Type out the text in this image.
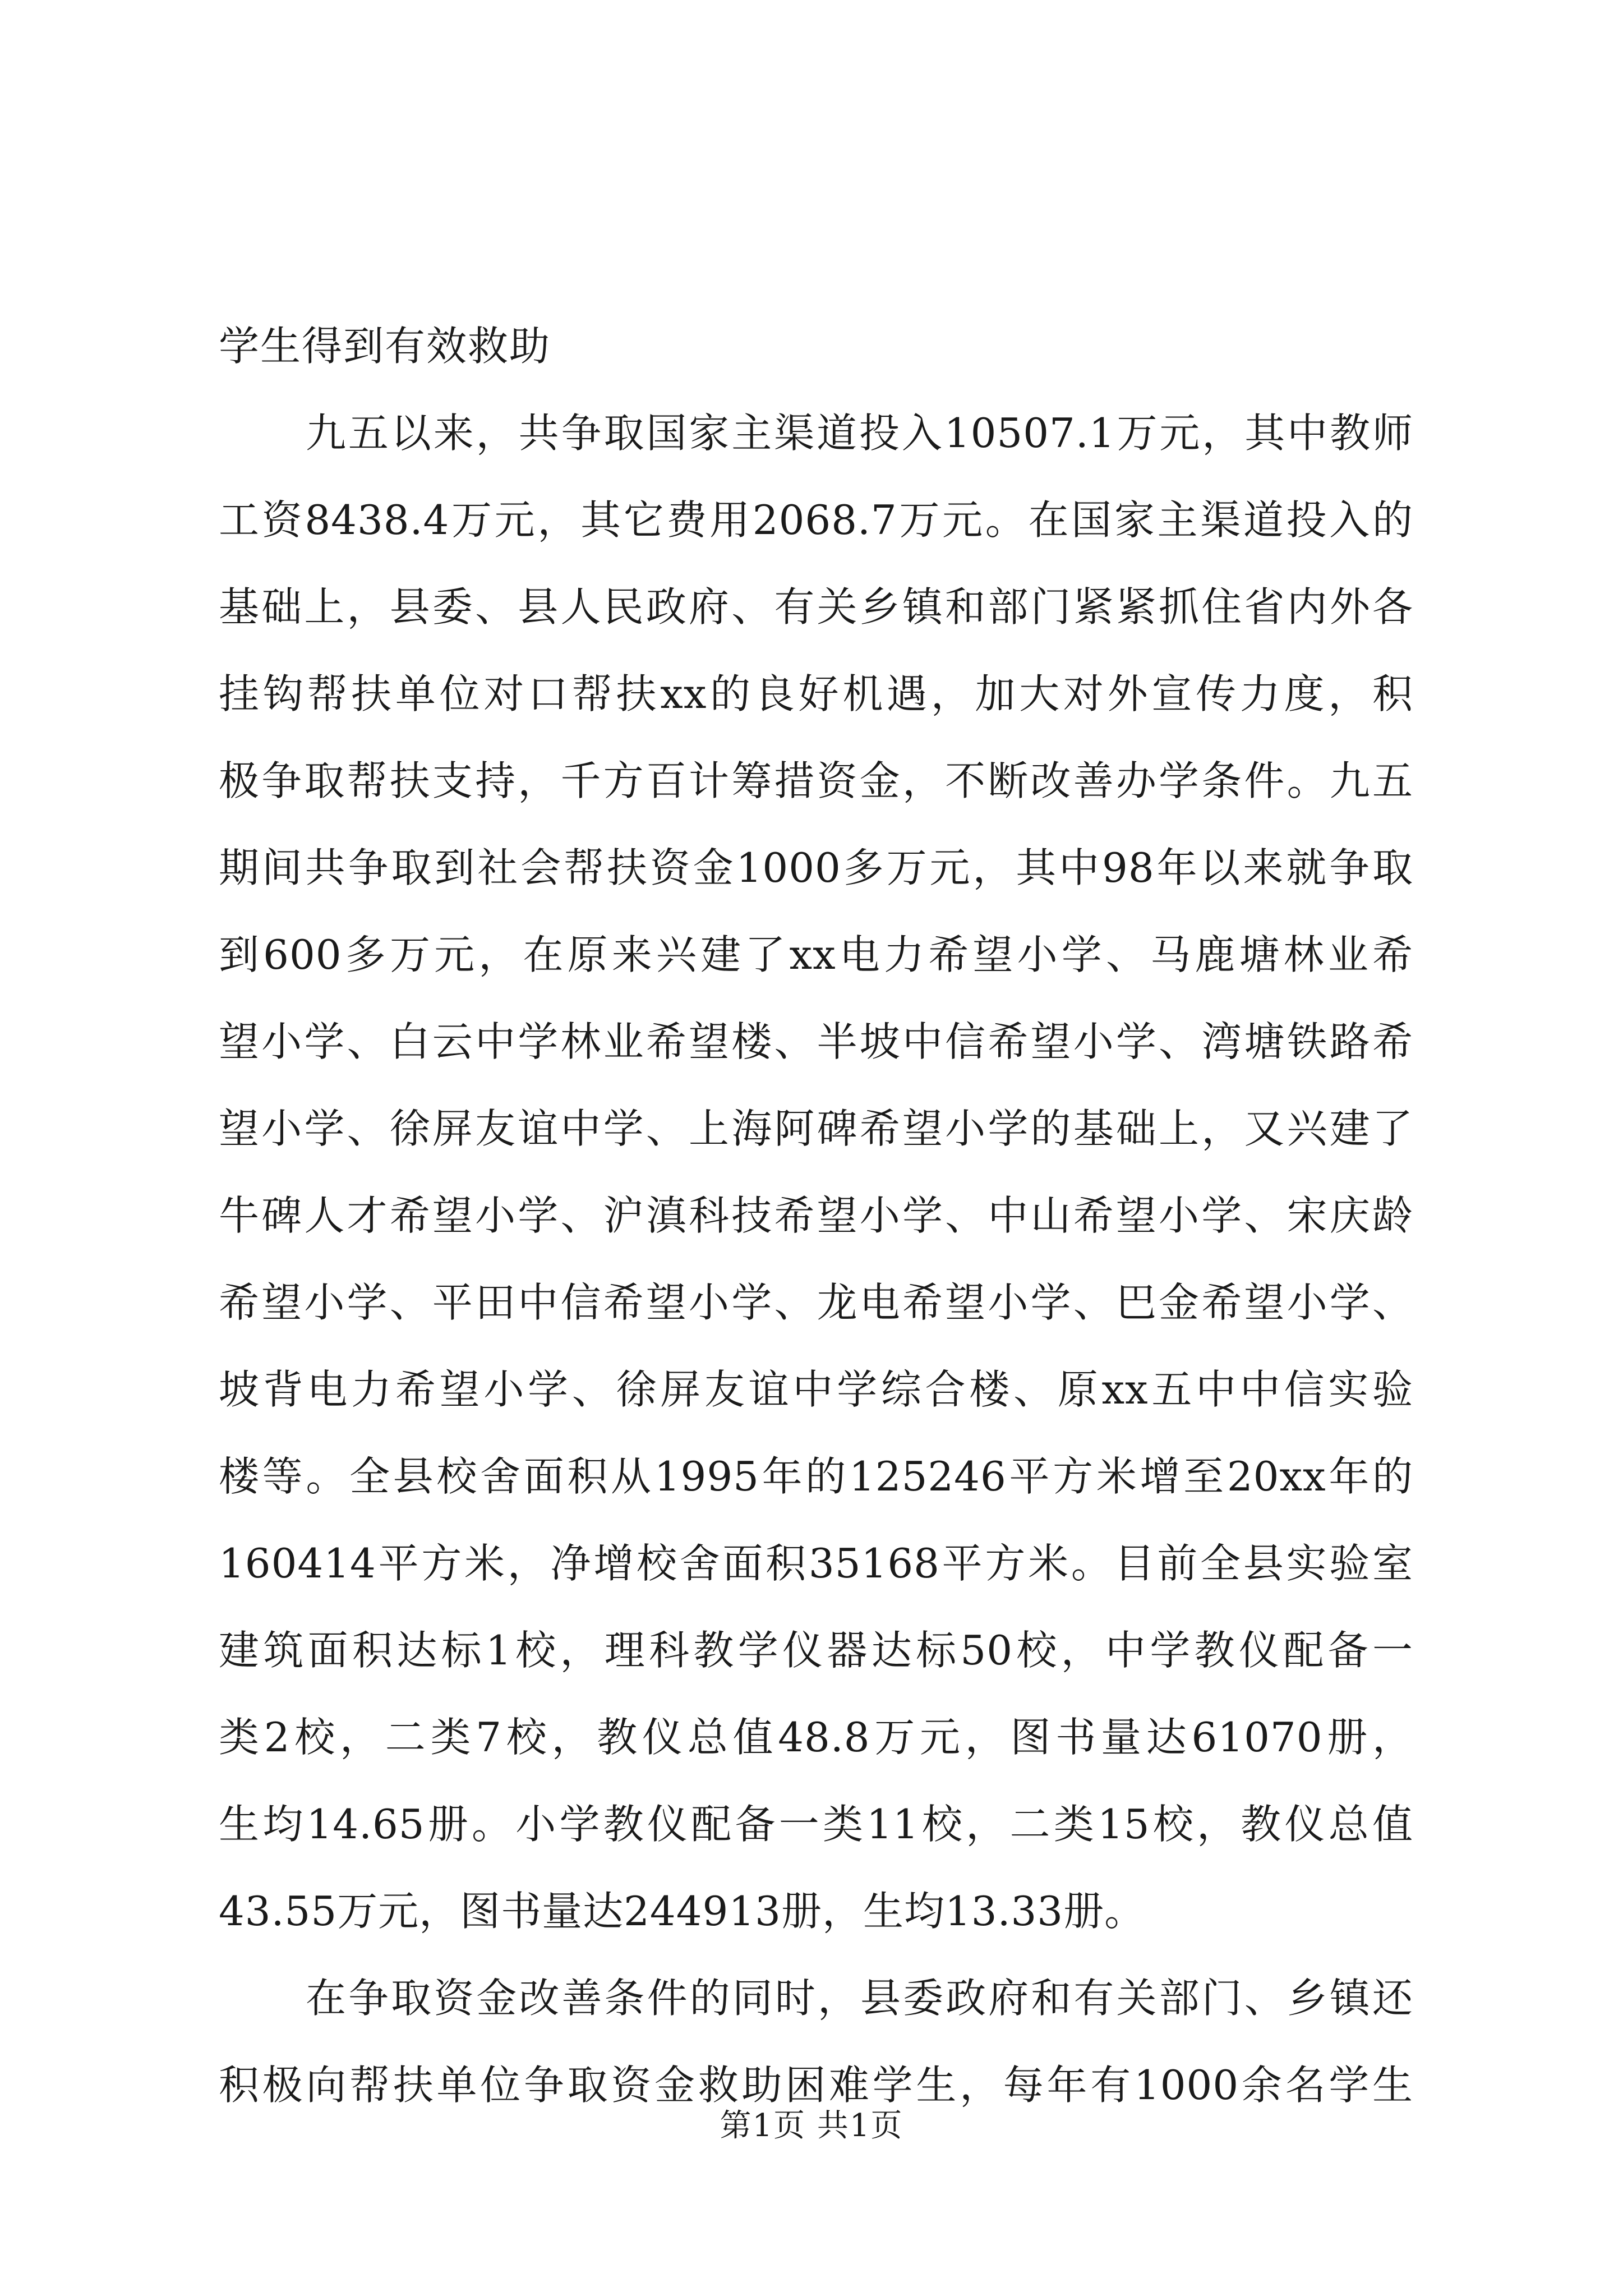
学生得到有效救助
九五以来，共争取国家主渠道投入10507.1万元，其中教师
工资8438.4万元，其它费用2068.7万元。在国家主渠道投入的
基础上，县委、县人民政府、有关乡镇和部门紧紧抓住省内外各
挂钩帮扶单位对口帮扶xx的良好机遇，加大对外宣传力度，积
极争取帮扶支持，千方百计筹措资金，不断改善办学条件。九五
期间共争取到社会帮扶资金1000多万元，其中98年以来就争取
到600多万元，在原来兴建了xx电力希望小学、马鹿塘林业希
望小学、白云中学林业希望楼、半坡中信希望小学、湾塘铁路希
望小学、徐屏友谊中学、上海阿碑希望小学的基础上，又兴建了
牛碑人才希望小学、沪滇科技希望小学、中山希望小学、宋庆龄
希望小学、平田中信希望小学、龙电希望小学、巴金希望小学、
坡背电力希望小学、徐屏友谊中学综合楼、原xx五中中信实验
楼等。全县校舍面积从1995年的125246平方米增至20xx年的
160414平方米，净增校舍面积35168平方米。目前全县实验室
建筑面积达标1校，理科教学仪器达标50校，中学教仪配备一
类2校，二类7校，教仪总值48.8万元，图书量达61070册，
生均14.65册。小学教仪配备一类11校，二类15校，教仪总值
43.55万元，图书量达244913册，生均13.33册。
在争取资金改善条件的同时，县委政府和有关部门、乡镇还
积极向帮扶单位争取资金救助困难学生，每年有1000余名学生
第1页 共1页
